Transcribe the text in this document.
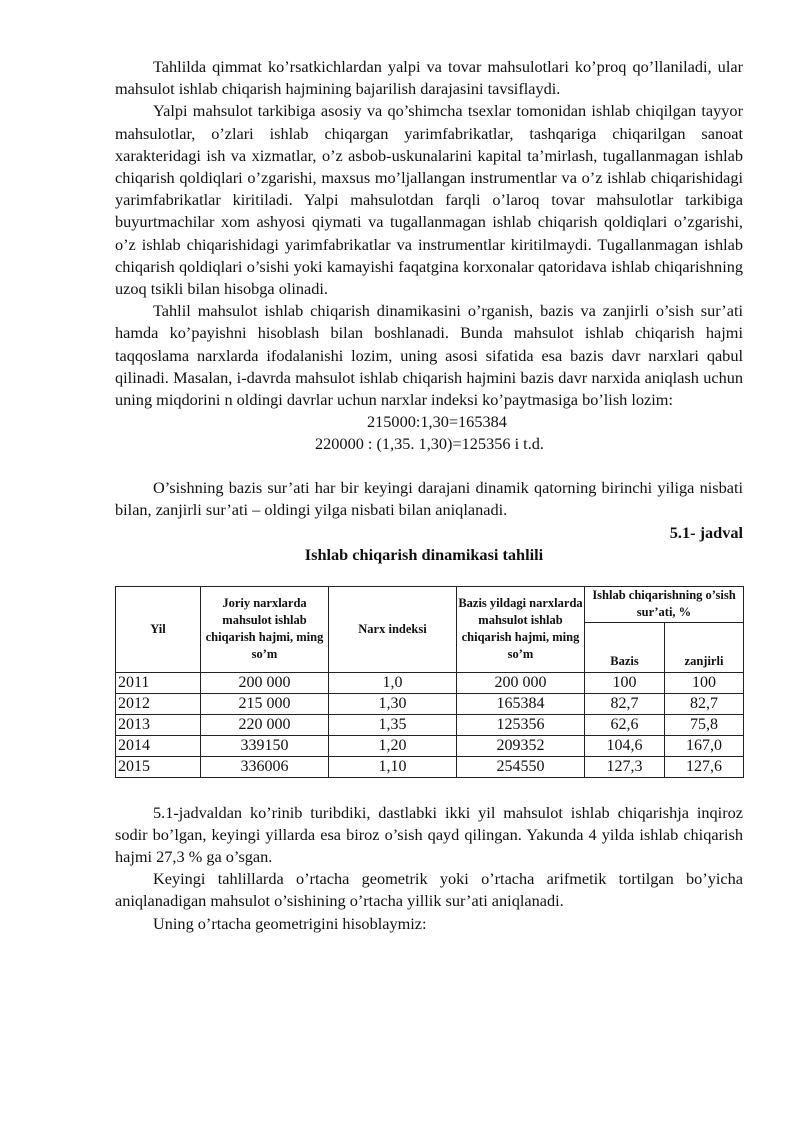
Tahlilda qimmat ko’rsatkichlardan yalpi va tovar mahsulotlari ko’proq qo’llaniladi, ular mahsulot ishlab chiqarish hajmining bajarilish darajasini tavsiflaydi.

Yalpi mahsulot tarkibiga asosiy va qo’shimcha tsexlar tomonidan ishlab chiqilgan tayyor mahsulotlar, o’zlari ishlab chiqargan yarimfabrikatlar, tashqariga chiqarilgan sanoat xarakteridagi ish va xizmatlar, o’z asbob-uskunalarini kapital ta’mirlash, tugallanmagan ishlab chiqarish qoldiqlari o’zgarishi, maxsus mo’ljallangan instrumentlar va o’z ishlab chiqarishidagi yarimfabrikatlar kiritiladi. Yalpi mahsulotdan farqli o’laroq tovar mahsulotlar tarkibiga buyurtmachilar xom ashyosi qiymati va tugallanmagan ishlab chiqarish qoldiqlari o’zgarishi, o’z ishlab chiqarishidagi yarimfabrikatlar va instrumentlar kiritilmaydi. Tugallanmagan ishlab chiqarish qoldiqlari o’sishi yoki kamayishi faqatgina korxonalar qatoridava ishlab chiqarishning uzoq tsikli bilan hisobga olinadi.

Tahlil mahsulot ishlab chiqarish dinamikasini o’rganish, bazis va zanjirli o’sish sur’ati hamda ko’payishni hisoblash bilan boshlanadi. Bunda mahsulot ishlab chiqarish hajmi taqqoslama narxlarda ifodalanishi lozim, uning asosi sifatida esa bazis davr narxlari qabul qilinadi. Masalan, i-davrda mahsulot ishlab chiqarish hajmini bazis davr narxida aniqlash uchun uning miqdorini n oldingi davrlar uchun narxlar indeksi ko’paytmasiga bo’lish lozim:

215000:1,30=165384

220000 : (1,35. 1,30)=125356 i t.d.

O’sishning bazis sur’ati har bir keyingi darajani dinamik qatorning birinchi yiliga nisbati bilan, zanjirli sur’ati – oldingi yilga nisbati bilan aniqlanadi.

5.1- jadval

Ishlab chiqarish dinamikasi tahlili

Yil	Joriy narxlarda mahsulot ishlab chiqarish hajmi, ming so’m	Narx indeksi	Bazis yildagi narxlarda mahsulot ishlab chiqarish hajmi, ming so’m	Ishlab chiqarishning o’sish sur’ati, %	
				Bazis	zanjirli
2011	200 000	1,0	200 000	100	100
2012	215 000	1,30	165384	82,7	82,7
2013	220 000	1,35	125356	62,6	75,8
2014	339150	1,20	209352	104,6	167,0
2015	336006	1,10	254550	127,3	127,6

5.1-jadvaldan ko’rinib turibdiki, dastlabki ikki yil mahsulot ishlab chiqarishja inqiroz sodir bo’lgan, keyingi yillarda esa biroz o’sish qayd qilingan. Yakunda 4 yilda ishlab chiqarish hajmi 27,3 % ga o’sgan.

Keyingi tahlillarda o’rtacha geometrik yoki o’rtacha arifmetik tortilgan bo’yicha aniqlanadigan mahsulot o’sishining o’rtacha yillik sur’ati aniqlanadi.

Uning o’rtacha geometrigini hisoblaymiz:
